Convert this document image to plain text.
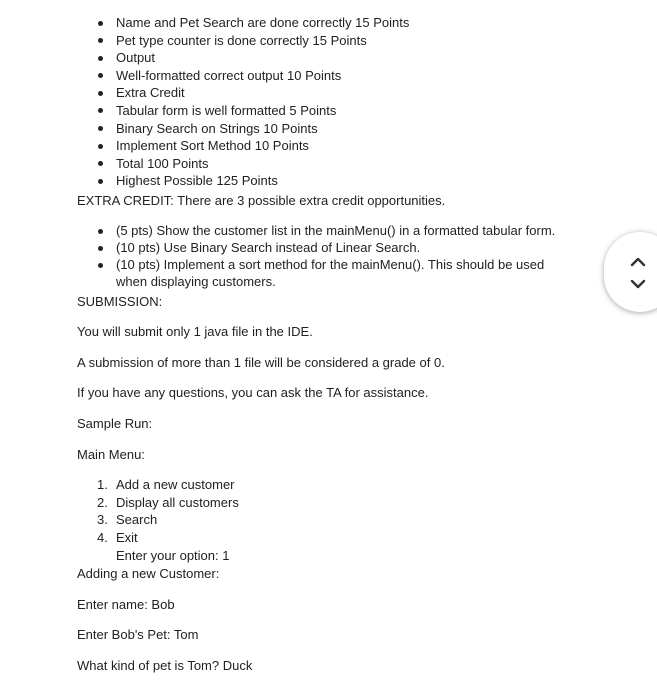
Name and Pet Search are done correctly 15 Points
Pet type counter is done correctly 15 Points
Output
Well-formatted correct output 10 Points
Extra Credit
Tabular form is well formatted 5 Points
Binary Search on Strings 10 Points
Implement Sort Method 10 Points
Total 100 Points
Highest Possible 125 Points

EXTRA CREDIT: There are 3 possible extra credit opportunities.

(5 pts) Show the customer list in the mainMenu() in a formatted tabular form.
(10 pts) Use Binary Search instead of Linear Search.
(10 pts) Implement a sort method for the mainMenu(). This should be used when displaying customers.

SUBMISSION:

You will submit only 1 java file in the IDE.

A submission of more than 1 file will be considered a grade of 0.

If you have any questions, you can ask the TA for assistance.

Sample Run:

Main Menu:

1. Add a new customer
2. Display all customers
3. Search
4. Exit
Enter your option: 1

Adding a new Customer:

Enter name: Bob

Enter Bob's Pet: Tom

What kind of pet is Tom? Duck
